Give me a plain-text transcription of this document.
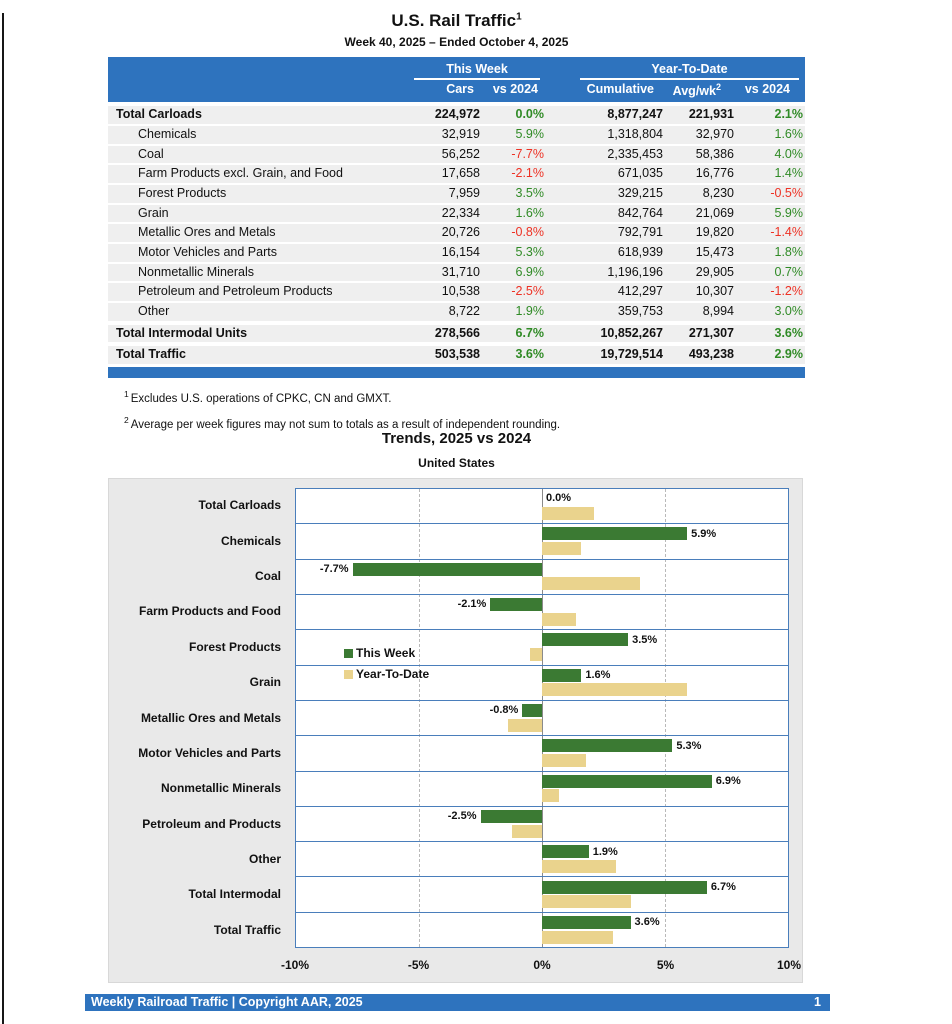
U.S. Rail Traffic$^1$
Week 40, 2025 – Ended October 4, 2025
This Week	Year-To-Date
Cars	vs 2024	Cumulative	Avg/$wk^2$	vs 2024
Total Carloads	224,972	0.0%	8,877,247	221,931	2.1%
Chemicals	32,919	5.9%	1,318,804	32,970	1.6%
Coal	56,252	-7.7%	2,335,453	58,386	4.0%
Farm Products excl. Grain, and Food	17,658	-2.1%	671,035	16,776	1.4%
Forest Products	7,959	3.5%	329,215	8,230	-0.5%
Grain	22,334	1.6%	842,764	21,069	5.9%
Metallic Ores and Metals	20,726	-0.8%	792,791	19,820	-1.4%
Motor Vehicles and Parts	16,154	5.3%	618,939	15,473	1.8%
Nonmetallic Minerals	31,710	6.9%	1,196,196	29,905	0.7%
Petroleum and Petroleum Products	10,538	-2.5%	412,297	10,307	-1.2%
Other	8,722	1.9%	359,753	8,994	3.0%
Total Intermodal Units	278,566	6.7%	10,852,267	271,307	3.6%
Total Traffic	503,538	3.6%	19,729,514	493,238	2.9%
$^1$ Excludes U.S. operations of CPKC, CN and GMXT.
$^2$ Average per week figures may not sum to totals as a result of independent rounding.
Trends, 2025 vs 2024
United States
Total Carloads
Chemicals
Coal
Farm Products and Food
Forest Products
Grain
Metallic Ores and Metals
Motor Vehicles and Parts
Nonmetallic Minerals
Petroleum and Products
Other
Total Intermodal
Total Traffic
This Week
Year-To-Date
0.0%
5.9%
-7.7%
-2.1%
3.5%
1.6%
-0.8%
5.3%
6.9%
-2.5%
1.9%
6.7%
3.6%
-10%	-5%	0%	5%	10%
Weekly Railroad Traffic | Copyright AAR, 2025	1
